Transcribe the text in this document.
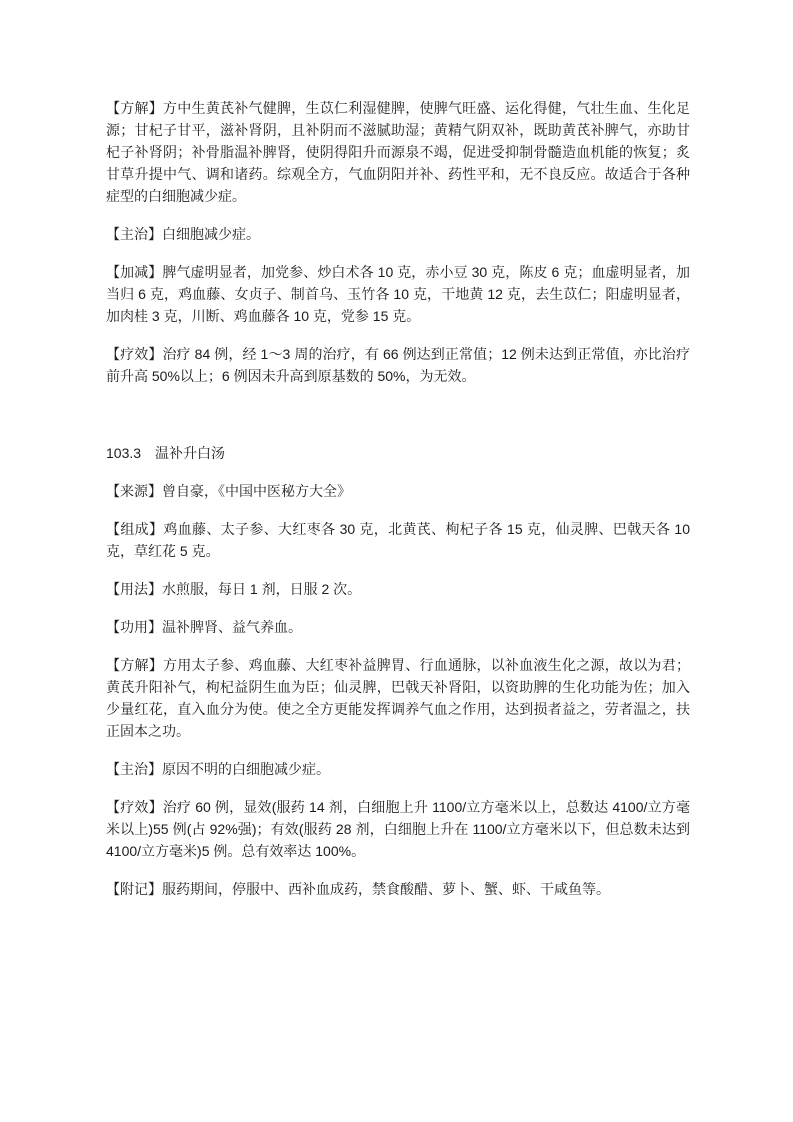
【方解】方中生黄芪补气健脾，生苡仁利湿健脾，使脾气旺盛、运化得健，气壮生血、生化足源；甘杞子甘平，滋补肾阴，且补阴而不滋腻助湿；黄精气阴双补，既助黄芪补脾气，亦助甘杞子补肾阴；补骨脂温补脾肾，使阴得阳升而源泉不竭，促进受抑制骨髓造血机能的恢复；炙甘草升提中气、调和诸药。综观全方，气血阴阳并补、药性平和，无不良反应。故适合于各种症型的白细胞减少症。

【主治】白细胞减少症。

【加减】脾气虚明显者，加党参、炒白术各 10 克，赤小豆 30 克，陈皮 6 克；血虚明显者，加当归 6 克，鸡血藤、女贞子、制首乌、玉竹各 10 克，干地黄 12 克，去生苡仁；阳虚明显者，加肉桂 3 克，川断、鸡血藤各 10 克，党参 15 克。

【疗效】治疗 84 例，经 1～3 周的治疗，有 66 例达到正常值；12 例未达到正常值，亦比治疗前升高 50%以上；6 例因未升高到原基数的 50%，为无效。

103.3 温补升白汤

【来源】曾自豪，《中国中医秘方大全》

【组成】鸡血藤、太子参、大红枣各 30 克，北黄芪、枸杞子各 15 克，仙灵脾、巴戟天各 10 克，草红花 5 克。

【用法】水煎服，每日 1 剂，日服 2 次。

【功用】温补脾肾、益气养血。

【方解】方用太子参、鸡血藤、大红枣补益脾胃、行血通脉，以补血液生化之源，故以为君；黄芪升阳补气，枸杞益阴生血为臣；仙灵脾，巴戟天补肾阳，以资助脾的生化功能为佐；加入少量红花，直入血分为使。使之全方更能发挥调养气血之作用，达到损者益之，劳者温之，扶正固本之功。

【主治】原因不明的白细胞减少症。

【疗效】治疗 60 例，显效(服药 14 剂，白细胞上升 1100/立方毫米以上，总数达 4100/立方毫米以上)55 例(占 92%强)；有效(服药 28 剂，白细胞上升在 1100/立方毫米以下，但总数未达到 4100/立方毫米)5 例。总有效率达 100%。

【附记】服药期间，停服中、西补血成药，禁食酸醋、萝卜、蟹、虾、干咸鱼等。
